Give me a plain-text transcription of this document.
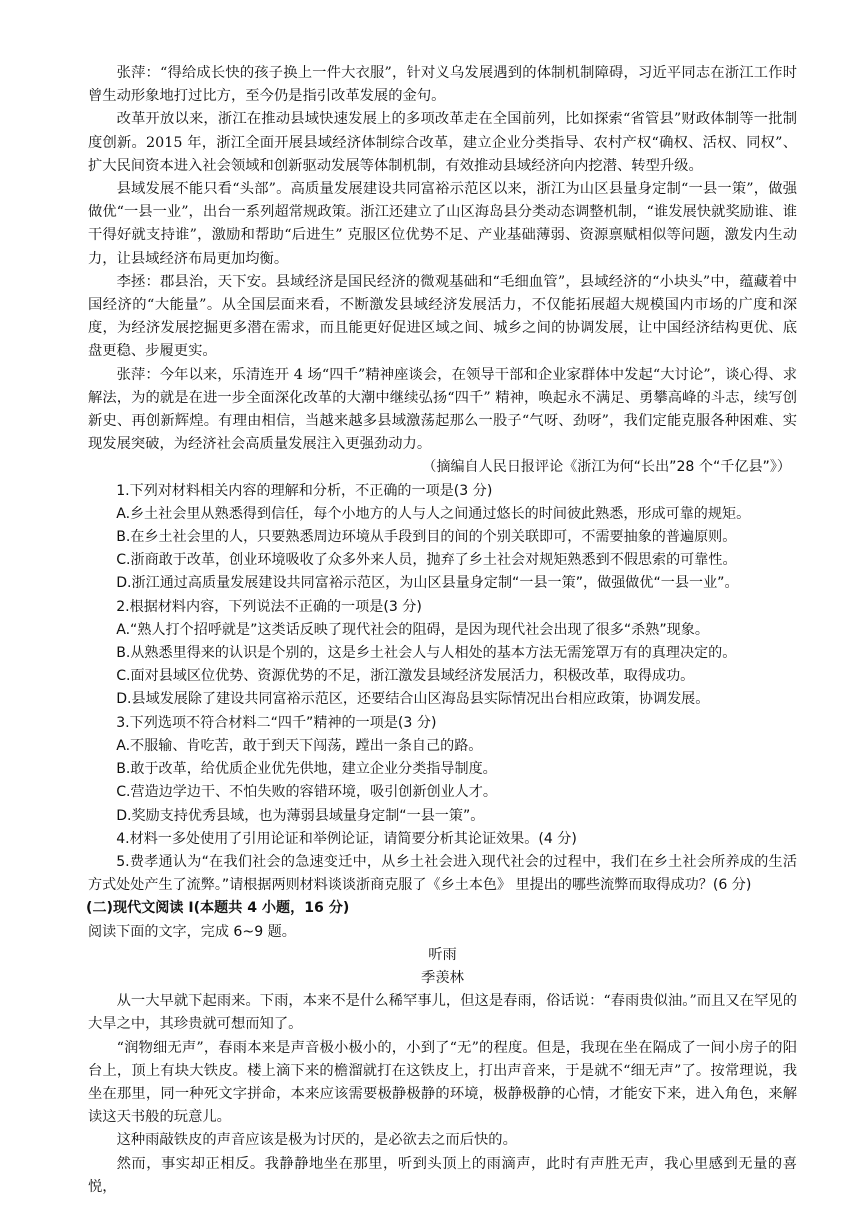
张萍：“得给成长快的孩子换上一件大衣服”，针对义乌发展遇到的体制机制障碍，习近平同志在浙江工作时曾生动形象地打过比方，至今仍是指引改革发展的金句。

改革开放以来，浙江在推动县域快速发展上的多项改革走在全国前列，比如探索“省管县”财政体制等一批制度创新。2015 年，浙江全面开展县域经济体制综合改革，建立企业分类指导、农村产权“确权、活权、同权”、扩大民间资本进入社会领域和创新驱动发展等体制机制，有效推动县域经济向内挖潜、转型升级。

县域发展不能只看“头部”。高质量发展建设共同富裕示范区以来，浙江为山区县量身定制“一县一策”，做强做优“一县一业”，出台一系列超常规政策。浙江还建立了山区海岛县分类动态调整机制，“谁发展快就奖励谁、谁干得好就支持谁”，激励和帮助“后进生” 克服区位优势不足、产业基础薄弱、资源禀赋相似等问题，激发内生动力，让县域经济布局更加均衡。

李拯：郡县治，天下安。县域经济是国民经济的微观基础和“毛细血管”，县域经济的“小块头”中，蕴藏着中国经济的“大能量”。从全国层面来看，不断激发县域经济发展活力，不仅能拓展超大规模国内市场的广度和深度，为经济发展挖掘更多潜在需求，而且能更好促进区域之间、城乡之间的协调发展，让中国经济结构更优、底盘更稳、步履更实。

张萍：今年以来，乐清连开 4 场“四千”精神座谈会，在领导干部和企业家群体中发起“大讨论”，谈心得、求解法，为的就是在进一步全面深化改革的大潮中继续弘扬“四千” 精神，唤起永不满足、勇攀高峰的斗志，续写创新史、再创新辉煌。有理由相信，当越来越多县域激荡起那么一股子“气呀、劲呀”，我们定能克服各种困难、实现发展突破，为经济社会高质量发展注入更强劲动力。

（摘编自人民日报评论《浙江为何“长出”28 个“千亿县”》）

1.下列对材料相关内容的理解和分析，不正确的一项是(3 分)

A.乡土社会里从熟悉得到信任，每个小地方的人与人之间通过悠长的时间彼此熟悉，形成可靠的规矩。

B.在乡土社会里的人，只要熟悉周边环境从手段到目的间的个别关联即可，不需要抽象的普遍原则。

C.浙商敢于改革，创业环境吸收了众多外来人员，抛弃了乡土社会对规矩熟悉到不假思索的可靠性。

D.浙江通过高质量发展建设共同富裕示范区，为山区县量身定制“一县一策”，做强做优“一县一业”。

2.根据材料内容，下列说法不正确的一项是(3 分)

A.“熟人打个招呼就是”这类话反映了现代社会的阻碍，是因为现代社会出现了很多“杀熟”现象。

B.从熟悉里得来的认识是个别的，这是乡土社会人与人相处的基本方法无需笼罩万有的真理决定的。

C.面对县域区位优势、资源优势的不足，浙江激发县域经济发展活力，积极改革，取得成功。

D.县域发展除了建设共同富裕示范区，还要结合山区海岛县实际情况出台相应政策，协调发展。

3.下列选项不符合材料二“四千”精神的一项是(3 分)

A.不服输、肯吃苦，敢于到天下闯荡，蹚出一条自己的路。

B.敢于改革，给优质企业优先供地，建立企业分类指导制度。

C.营造边学边干、不怕失败的容错环境，吸引创新创业人才。

D.奖励支持优秀县域，也为薄弱县域量身定制“一县一策”。

4.材料一多处使用了引用论证和举例论证，请简要分析其论证效果。(4 分)

5.费孝通认为“在我们社会的急速变迁中，从乡土社会进入现代社会的过程中，我们在乡土社会所养成的生活方式处处产生了流弊。”请根据两则材料谈谈浙商克服了《乡土本色》 里提出的哪些流弊而取得成功？(6 分)

(二)现代文阅读 I(本题共 4 小题，16 分)

阅读下面的文字，完成 6~9 题。

听雨

季羡林

从一大早就下起雨来。下雨，本来不是什么稀罕事儿，但这是春雨，俗话说：“春雨贵似油。”而且又在罕见的大旱之中，其珍贵就可想而知了。

“润物细无声”，春雨本来是声音极小极小的，小到了“无”的程度。但是，我现在坐在隔成了一间小房子的阳台上，顶上有块大铁皮。楼上滴下来的檐溜就打在这铁皮上，打出声音来，于是就不“细无声”了。按常理说，我坐在那里，同一种死文字拼命，本来应该需要极静极静的环境，极静极静的心情，才能安下来，进入角色，来解读这天书般的玩意儿。

这种雨敲铁皮的声音应该是极为讨厌的，是必欲去之而后快的。

然而，事实却正相反。我静静地坐在那里，听到头顶上的雨滴声，此时有声胜无声，我心里感到无量的喜悦，
